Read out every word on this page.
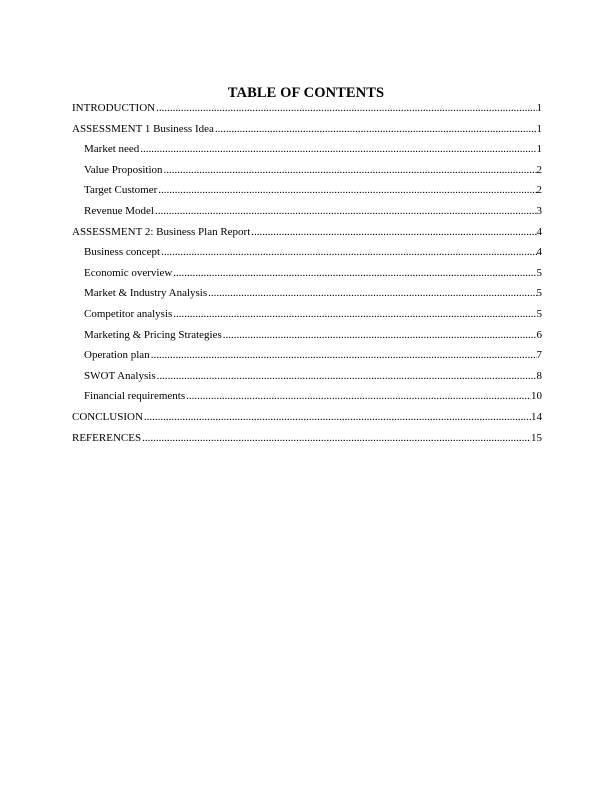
TABLE OF CONTENTS
INTRODUCTION .....	1
ASSESSMENT 1 Business Idea .....	1
Market need .....	1
Value Proposition .....	2
Target Customer .....	2
Revenue Model .....	3
ASSESSMENT 2: Business Plan Report .....	4
Business concept .....	4
Economic overview .....	5
Market & Industry Analysis .....	5
Competitor analysis .....	5
Marketing & Pricing Strategies .....	6
Operation plan .....	7
SWOT Analysis .....	8
Financial requirements .....	10
CONCLUSION .....	14
REFERENCES .....	15
